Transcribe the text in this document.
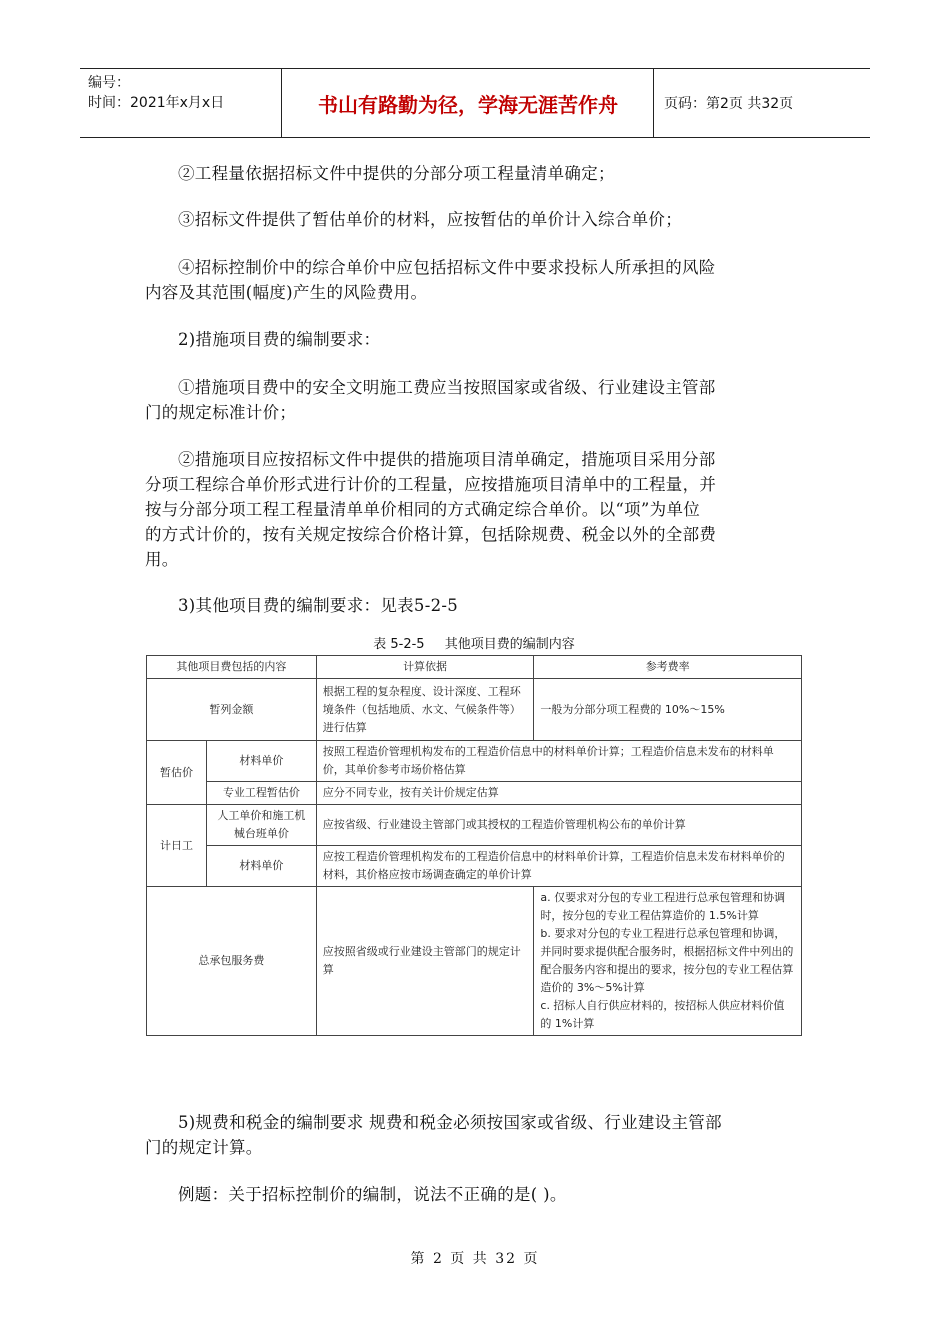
编号：
时间：2021年x月x日	书山有路勤为径，学海无涯苦作舟	页码：第2页 共32页
②工程量依据招标文件中提供的分部分项工程量清单确定；
③招标文件提供了暂估单价的材料，应按暂估的单价计入综合单价；
④招标控制价中的综合单价中应包括招标文件中要求投标人所承担的风险
内容及其范围(幅度)产生的风险费用。
2)措施项目费的编制要求：
①措施项目费中的安全文明施工费应当按照国家或省级、行业建设主管部
门的规定标准计价；
②措施项目应按招标文件中提供的措施项目清单确定，措施项目采用分部
分项工程综合单价形式进行计价的工程量，应按措施项目清单中的工程量，并
按与分部分项工程工程量清单单价相同的方式确定综合单价。以“项”为单位
的方式计价的，按有关规定按综合价格计算，包括除规费、税金以外的全部费
用。
3)其他项目费的编制要求：见表5-2-5
表 5-2-5 其他项目费的编制内容
其他项目费包括的内容		计算依据	参考费率
暂列金额		根据工程的复杂程度、设计深度、工程环境条件（包括地质、水文、气候条件等）进行估算	一般为分部分项工程费的 10%～15%
暂估价	材料单价	按照工程造价管理机构发布的工程造价信息中的材料单价计算；工程造价信息未发布的材料单价，其单价参考市场价格估算	
	专业工程暂估价	应分不同专业，按有关计价规定估算	
计日工	人工单价和施工机械台班单价	应按省级、行业建设主管部门或其授权的工程造价管理机构公布的单价计算	
	材料单价	应按工程造价管理机构发布的工程造价信息中的材料单价计算，工程造价信息未发布材料单价的材料，其价格应按市场调查确定的单价计算	
总承包服务费		应按照省级或行业建设主管部门的规定计算	a. 仅要求对分包的专业工程进行总承包管理和协调时，按分包的专业工程估算造价的 1.5%计算
b. 要求对分包的专业工程进行总承包管理和协调，并同时要求提供配合服务时，根据招标文件中列出的配合服务内容和提出的要求，按分包的专业工程估算造价的 3%～5%计算
c. 招标人自行供应材料的，按招标人供应材料价值的 1%计算
5)规费和税金的编制要求 规费和税金必须按国家或省级、行业建设主管部
门的规定计算。
例题：关于招标控制价的编制，说法不正确的是( )。
第 2 页 共 32 页
